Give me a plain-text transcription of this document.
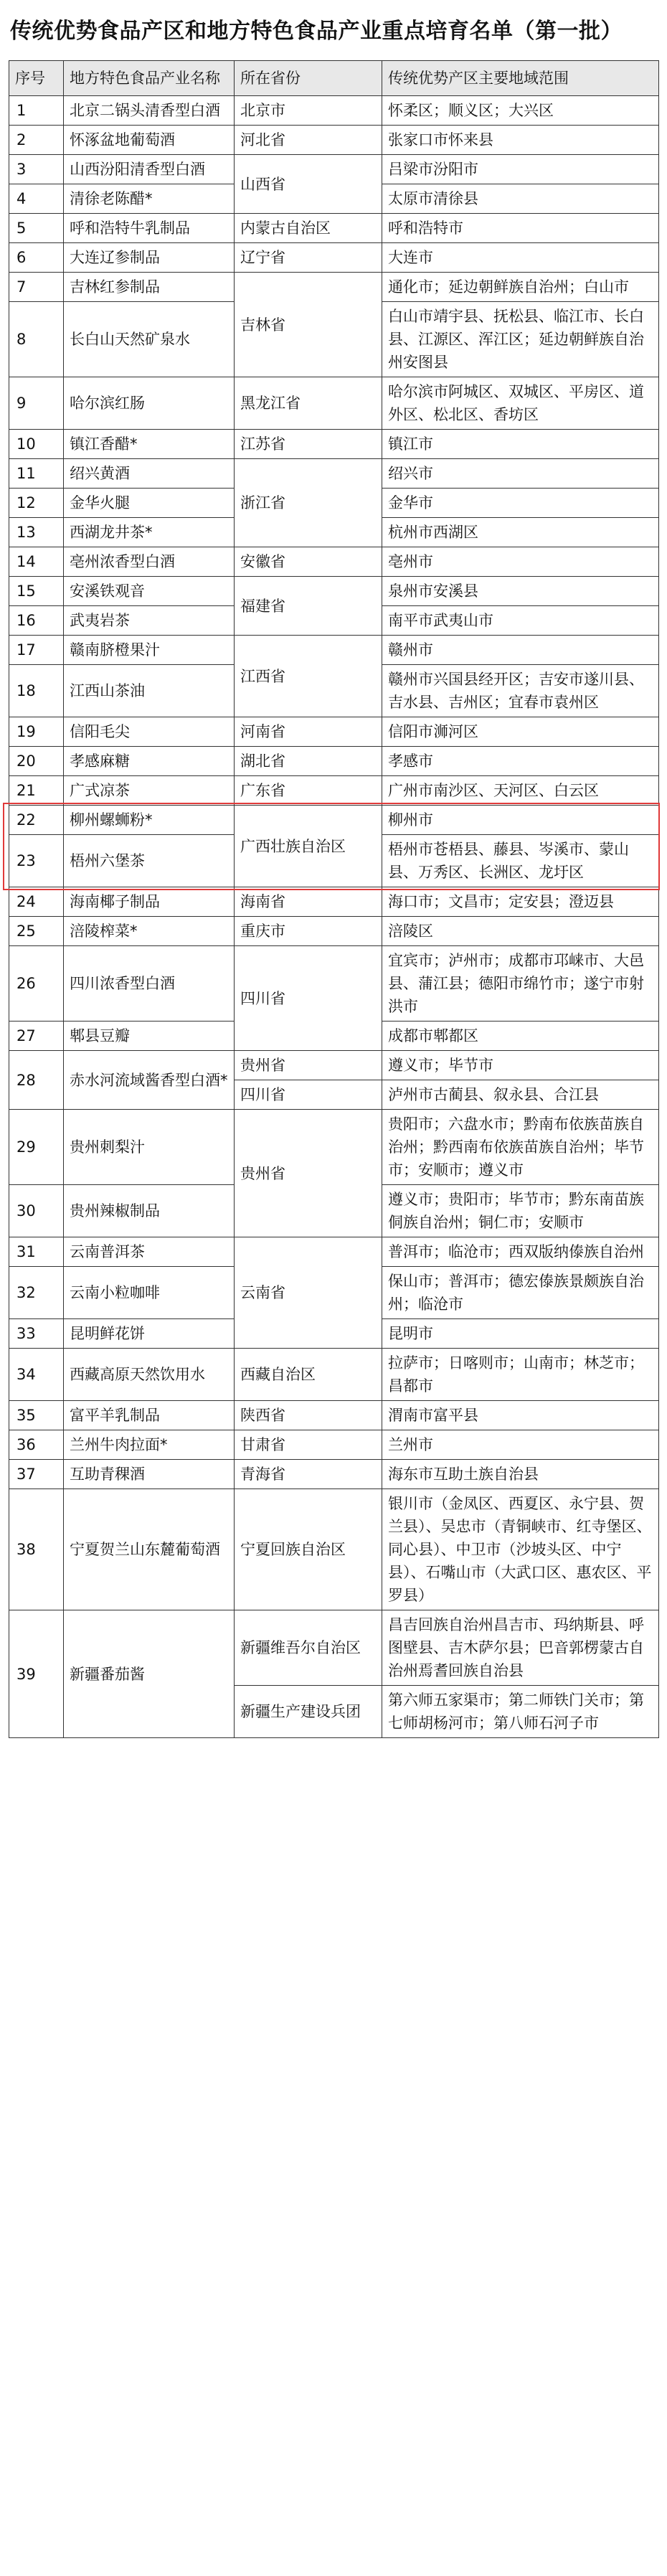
传统优势食品产区和地方特色食品产业重点培育名单（第一批）
序号	地方特色食品产业名称	所在省份	传统优势产区主要地域范围
1	北京二锅头清香型白酒	北京市	怀柔区；顺义区；大兴区
2	怀涿盆地葡萄酒	河北省	张家口市怀来县
3	山西汾阳清香型白酒	山西省	吕梁市汾阳市
4	清徐老陈醋*		太原市清徐县
5	呼和浩特牛乳制品	内蒙古自治区	呼和浩特市
6	大连辽参制品	辽宁省	大连市
7	吉林红参制品	吉林省	通化市；延边朝鲜族自治州；白山市
8	长白山天然矿泉水		白山市靖宇县、抚松县、临江市、长白县、江源区、浑江区；延边朝鲜族自治州安图县
9	哈尔滨红肠	黑龙江省	哈尔滨市阿城区、双城区、平房区、道外区、松北区、香坊区
10	镇江香醋*	江苏省	镇江市
11	绍兴黄酒	浙江省	绍兴市
12	金华火腿		金华市
13	西湖龙井茶*		杭州市西湖区
14	亳州浓香型白酒	安徽省	亳州市
15	安溪铁观音	福建省	泉州市安溪县
16	武夷岩茶		南平市武夷山市
17	赣南脐橙果汁	江西省	赣州市
18	江西山茶油		赣州市兴国县经开区；吉安市遂川县、吉水县、吉州区；宜春市袁州区
19	信阳毛尖	河南省	信阳市浉河区
20	孝感麻糖	湖北省	孝感市
21	广式凉茶	广东省	广州市南沙区、天河区、白云区
22	柳州螺蛳粉*	广西壮族自治区	柳州市
23	梧州六堡茶		梧州市苍梧县、藤县、岑溪市、蒙山县、万秀区、长洲区、龙圩区
24	海南椰子制品	海南省	海口市；文昌市；定安县；澄迈县
25	涪陵榨菜*	重庆市	涪陵区
26	四川浓香型白酒	四川省	宜宾市；泸州市；成都市邛崃市、大邑县、蒲江县；德阳市绵竹市；遂宁市射洪市
27	郫县豆瓣		成都市郫都区
28	赤水河流域酱香型白酒*	贵州省	遵义市；毕节市
		四川省	泸州市古蔺县、叙永县、合江县
29	贵州刺梨汁	贵州省	贵阳市；六盘水市；黔南布依族苗族自治州；黔西南布依族苗族自治州；毕节市；安顺市；遵义市
30	贵州辣椒制品		遵义市；贵阳市；毕节市；黔东南苗族侗族自治州；铜仁市；安顺市
31	云南普洱茶	云南省	普洱市；临沧市；西双版纳傣族自治州
32	云南小粒咖啡		保山市；普洱市；德宏傣族景颇族自治州；临沧市
33	昆明鲜花饼		昆明市
34	西藏高原天然饮用水	西藏自治区	拉萨市；日喀则市；山南市；林芝市；昌都市
35	富平羊乳制品	陕西省	渭南市富平县
36	兰州牛肉拉面*	甘肃省	兰州市
37	互助青稞酒	青海省	海东市互助土族自治县
38	宁夏贺兰山东麓葡萄酒	宁夏回族自治区	银川市（金凤区、西夏区、永宁县、贺兰县）、吴忠市（青铜峡市、红寺堡区、同心县）、中卫市（沙坡头区、中宁县）、石嘴山市（大武口区、惠农区、平罗县）
39	新疆番茄酱	新疆维吾尔自治区	昌吉回族自治州昌吉市、玛纳斯县、呼图壁县、吉木萨尔县；巴音郭楞蒙古自治州焉耆回族自治县
		新疆生产建设兵团	第六师五家渠市；第二师铁门关市；第七师胡杨河市；第八师石河子市
